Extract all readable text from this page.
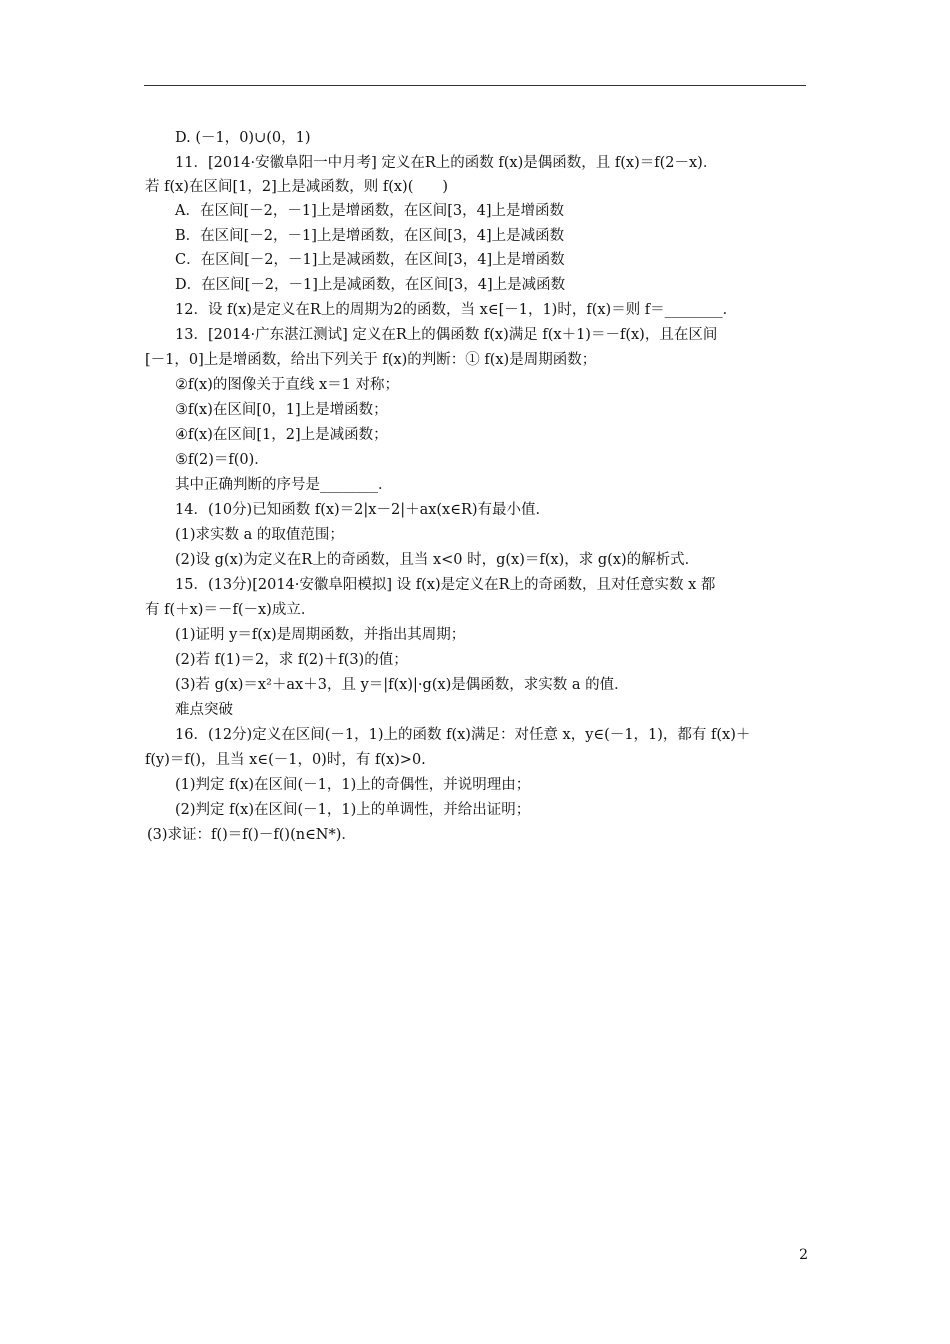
D. (－1，0)∪(0，1)
11．[2014·安徽阜阳一中月考] 定义在R上的函数 f(x)是偶函数，且 f(x)＝f(2－x)．
若 f(x)在区间[1，2]上是减函数，则 f(x)(　　)
A．在区间[－2，－1]上是增函数，在区间[3，4]上是增函数
B．在区间[－2，－1]上是增函数，在区间[3，4]上是减函数
C．在区间[－2，－1]上是减函数，在区间[3，4]上是增函数
D．在区间[－2，－1]上是减函数，在区间[3，4]上是减函数
12．设 f(x)是定义在R上的周期为2的函数，当 x∈[－1，1)时，f(x)＝则 f＝________．
13．[2014·广东湛江测试] 定义在R上的偶函数 f(x)满足 f(x＋1)＝－f(x)，且在区间
[－1，0]上是增函数，给出下列关于 f(x)的判断：① f(x)是周期函数；
②f(x)的图像关于直线 x＝1 对称；
③f(x)在区间[0，1]上是增函数；
④f(x)在区间[1，2]上是减函数；
⑤f(2)＝f(0)．
其中正确判断的序号是________．
14．(10分)已知函数 f(x)＝2|x－2|＋ax(x∈R)有最小值．
(1)求实数 a 的取值范围；
(2)设 g(x)为定义在R上的奇函数，且当 x<0 时，g(x)＝f(x)，求 g(x)的解析式．
15．(13分)[2014·安徽阜阳模拟] 设 f(x)是定义在R上的奇函数，且对任意实数 x 都
有 f(＋x)＝－f(－x)成立．
(1)证明 y＝f(x)是周期函数，并指出其周期；
(2)若 f(1)＝2，求 f(2)＋f(3)的值；
(3)若 g(x)＝x²＋ax＋3，且 y＝|f(x)|·g(x)是偶函数，求实数 a 的值．
难点突破
16．(12分)定义在区间(－1，1)上的函数 f(x)满足：对任意 x，y∈(－1，1)，都有 f(x)＋
f(y)＝f()，且当 x∈(－1，0)时，有 f(x)>0.
(1)判定 f(x)在区间(－1，1)上的奇偶性，并说明理由；
(2)判定 f(x)在区间(－1，1)上的单调性，并给出证明；
(3)求证：f()＝f()－f()(n∈N*)．
2
